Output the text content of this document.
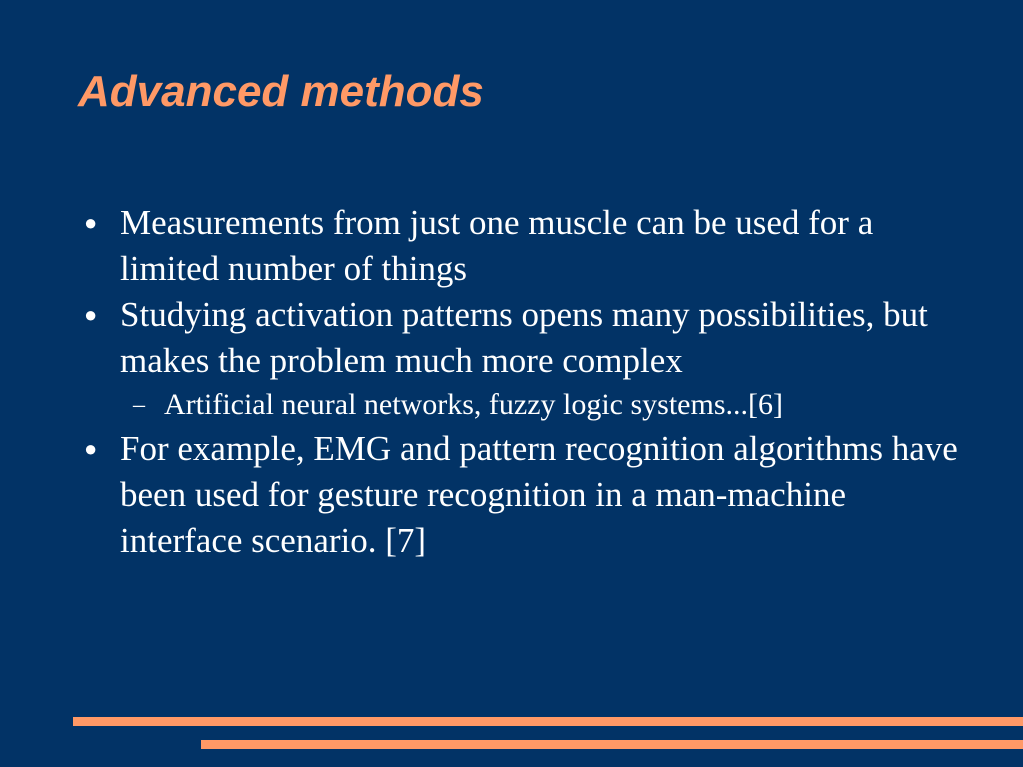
Advanced methods
● Measurements from just one muscle can be used for a limited number of things
● Studying activation patterns opens many possibilities, but makes the problem much more complex
– Artificial neural networks, fuzzy logic systems...[6]
● For example, EMG and pattern recognition algorithms have been used for gesture recognition in a man-machine interface scenario. [7]
